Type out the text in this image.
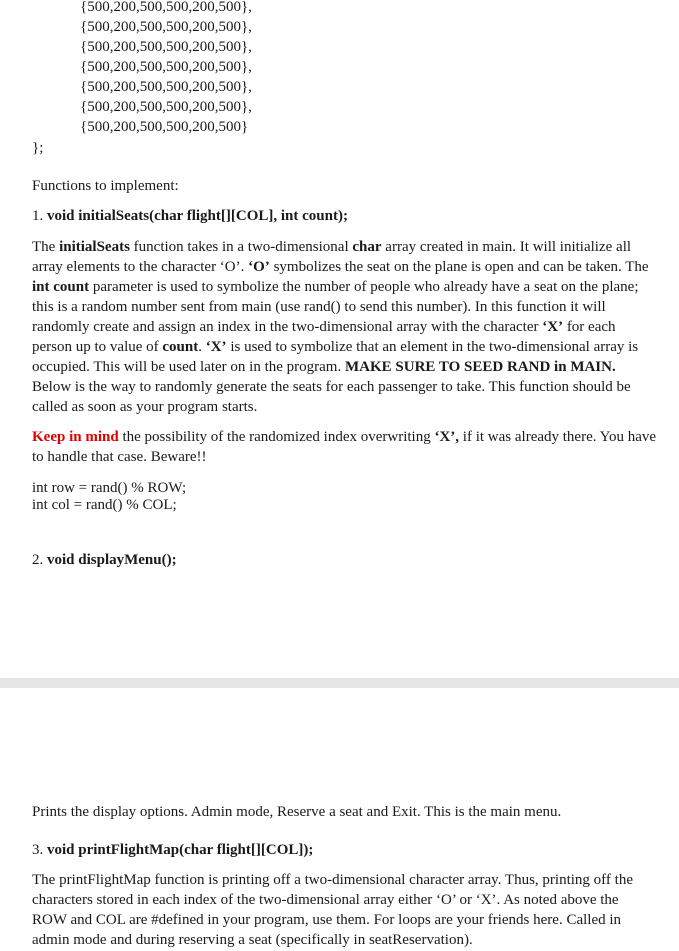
{500,200,500,500,200,500},
{500,200,500,500,200,500},
{500,200,500,500,200,500},
{500,200,500,500,200,500},
{500,200,500,500,200,500},
{500,200,500,500,200,500},
{500,200,500,500,200,500}
};
Functions to implement:
1. void initialSeats(char flight[][COL], int count);
The initialSeats function takes in a two-dimensional char array created in main. It will initialize all array elements to the character ‘O’. ‘O’ symbolizes the seat on the plane is open and can be taken. The int count parameter is used to symbolize the number of people who already have a seat on the plane; this is a random number sent from main (use rand() to send this number). In this function it will randomly create and assign an index in the two-dimensional array with the character ‘X’ for each person up to value of count. ‘X’ is used to symbolize that an element in the two-dimensional array is occupied. This will be used later on in the program. MAKE SURE TO SEED RAND in MAIN. Below is the way to randomly generate the seats for each passenger to take. This function should be called as soon as your program starts.
Keep in mind the possibility of the randomized index overwriting ‘X’, if it was already there. You have to handle that case. Beware!!
int row = rand() % ROW;
int col = rand() % COL;
2. void displayMenu();
Prints the display options. Admin mode, Reserve a seat and Exit. This is the main menu.
3. void printFlightMap(char flight[][COL]);
The printFlightMap function is printing off a two-dimensional character array. Thus, printing off the characters stored in each index of the two-dimensional array either ‘O’ or ‘X’. As noted above the ROW and COL are #defined in your program, use them. For loops are your friends here. Called in admin mode and during reserving a seat (specifically in seatReservation).
